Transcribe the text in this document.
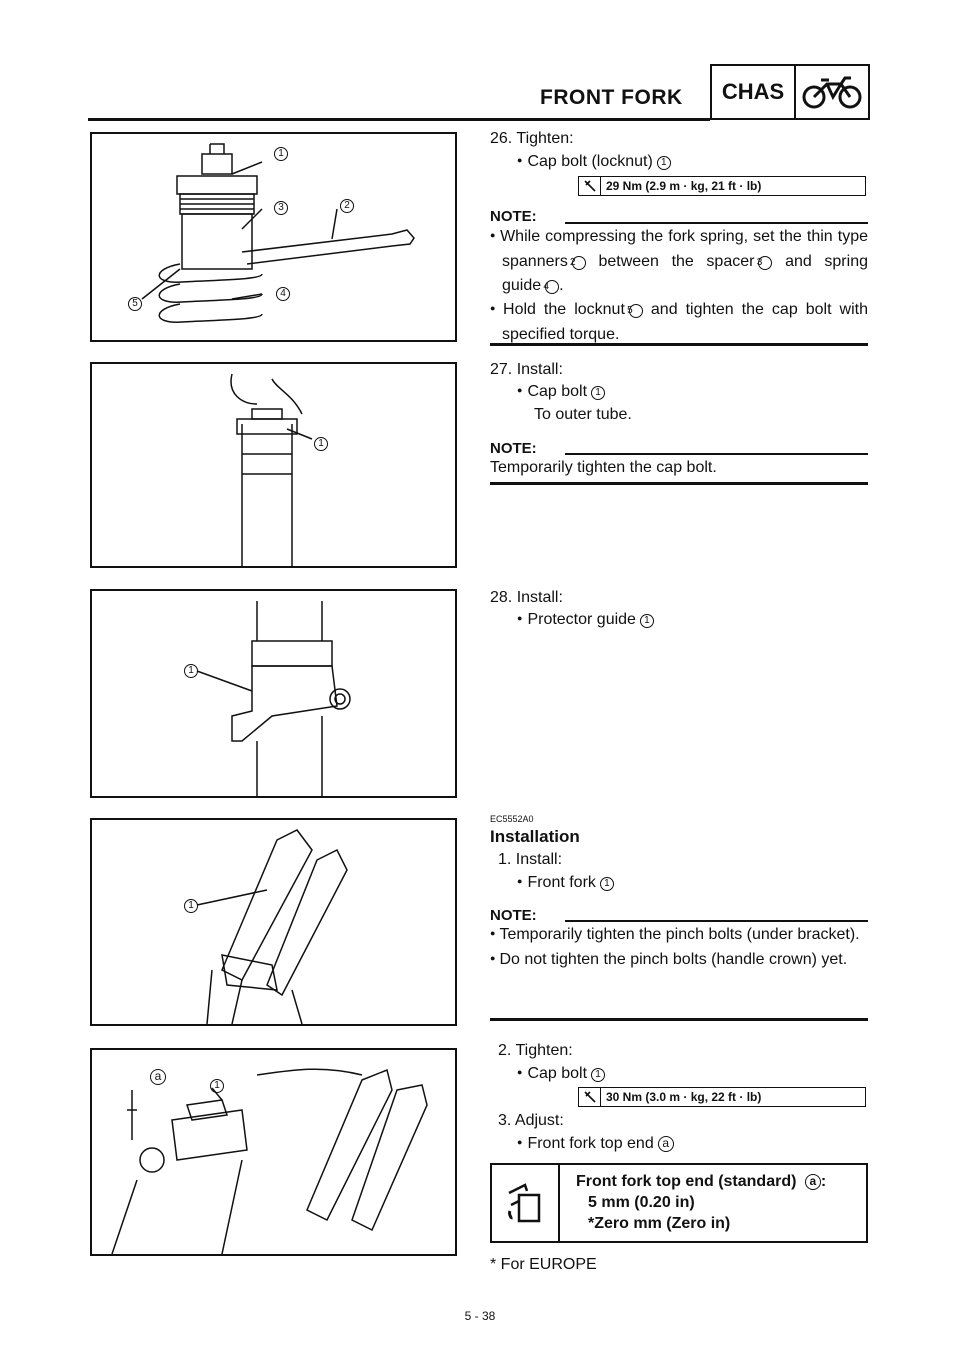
FRONT FORK	CHAS
1
3	2
5
4
26. Tighten:
● Cap bolt (locknut) 1
29 Nm (2.9 m · kg, 21 ft · lb)
NOTE:

● While compressing the fork spring, set the thin type spanners 2 between the spacer 3 and spring guide 4 .

● Hold the locknut 5 and tighten the cap bolt with specified torque.

1
27. Install:
● Cap bolt 1
To outer tube.
NOTE:
Temporarily tighten the cap bolt.
1
28. Install:
● Protector guide 1
1
EC5552A0
Installation
1. Install:
● Front fork 1
NOTE:

● Temporarily tighten the pinch bolts (under bracket).

● Do not tighten the pinch bolts (handle crown) yet.

a
1
2. Tighten:
● Cap bolt 1
30 Nm (3.0 m · kg, 22 ft · lb)
3. Adjust:
● Front fork top end a
Front fork top end (standard) a :
5 mm (0.20 in)
*Zero mm (Zero in)
* For EUROPE
5 - 38
